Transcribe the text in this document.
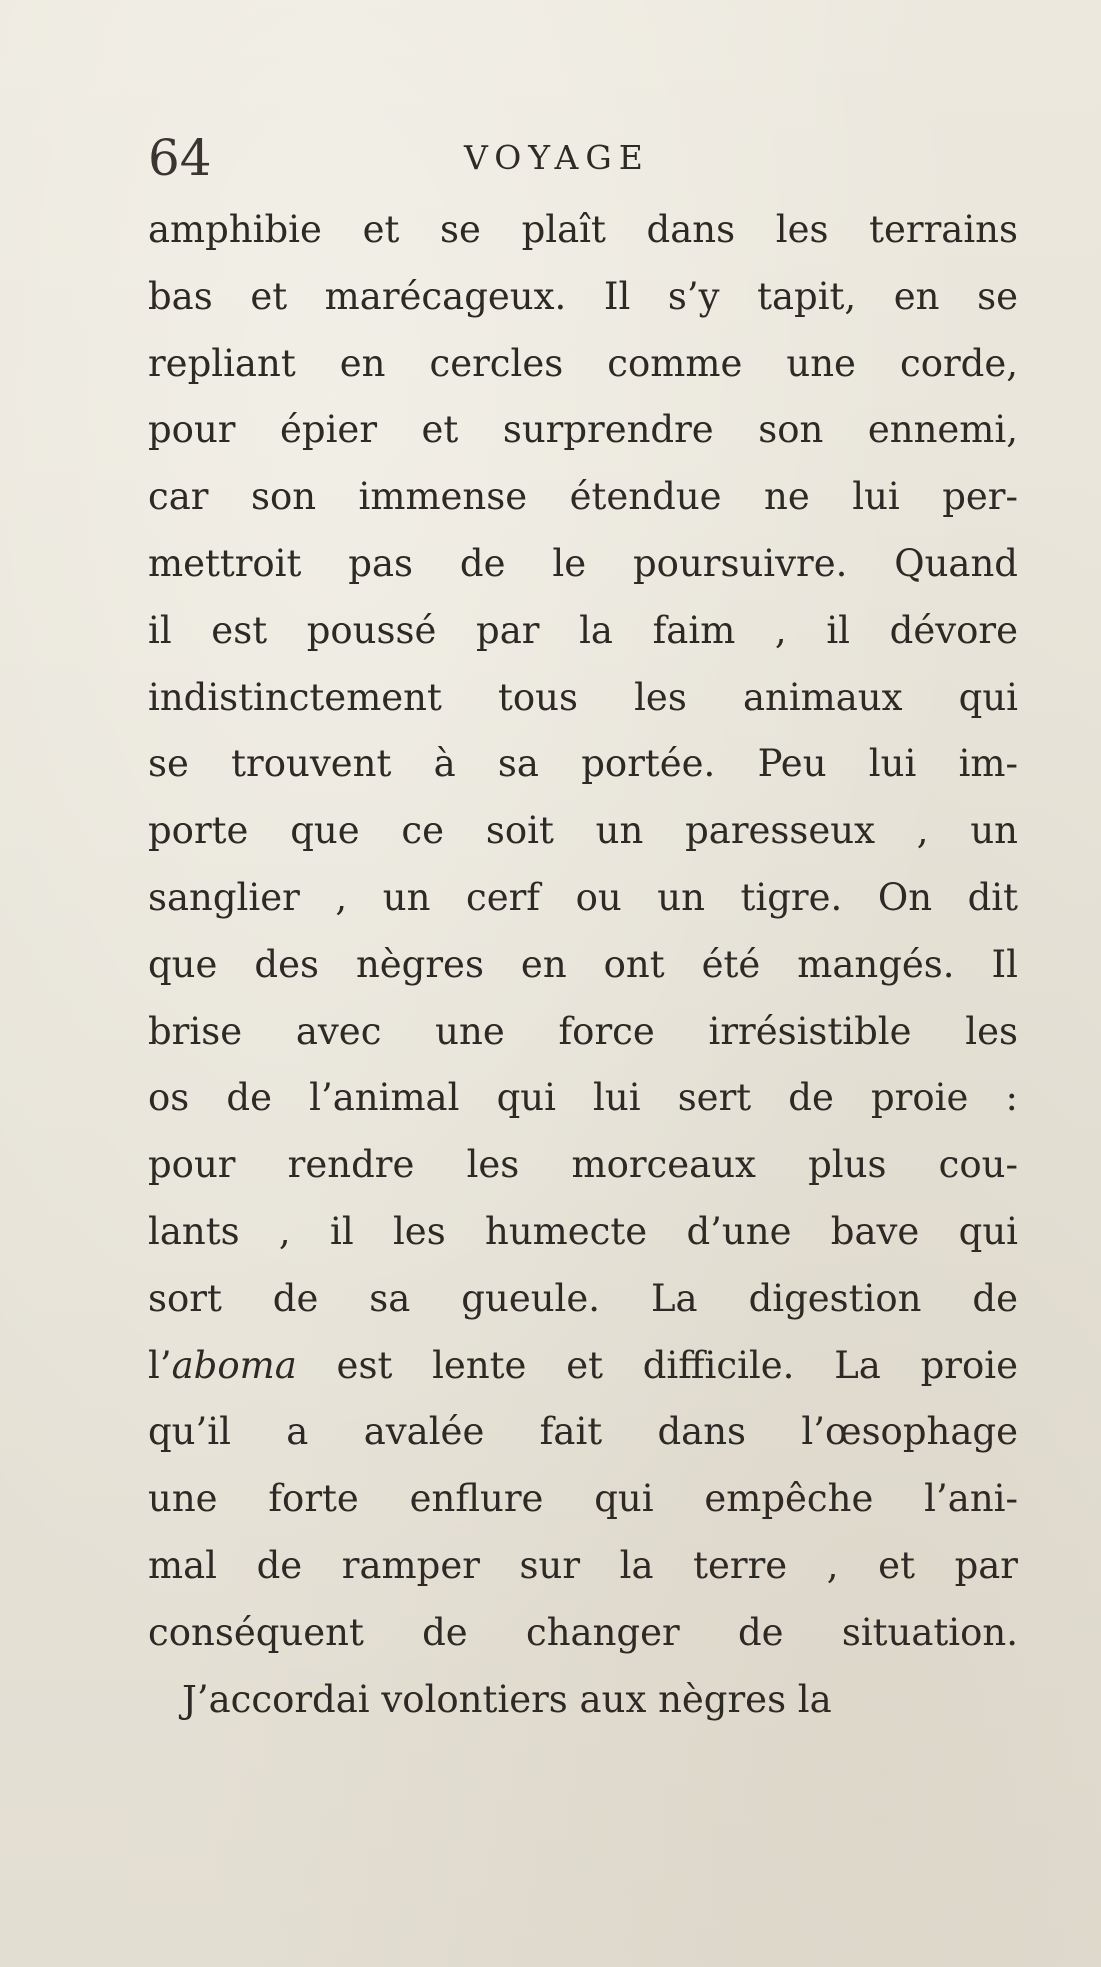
64	VOYAGE
amphibie et se plaît dans les terrains
bas et marécageux. Il s’y tapit, en se
repliant en cercles comme une corde,
pour épier et surprendre son ennemi,
car son immense étendue ne lui per-
mettroit pas de le poursuivre. Quand
il est poussé par la faim , il dévore
indistinctement tous les animaux qui
se trouvent à sa portée. Peu lui im-
porte que ce soit un paresseux , un
sanglier , un cerf ou un tigre. On dit
que des nègres en ont été mangés. Il
brise avec une force irrésistible les
os de l’animal qui lui sert de proie :
pour rendre les morceaux plus cou-
lants , il les humecte d’une bave qui
sort de sa gueule. La digestion de
l’aboma est lente et difficile. La proie
qu’il a avalée fait dans l’œsophage
une forte enflure qui empêche l’ani-
mal de ramper sur la terre , et par
conséquent de changer de situation.
J’accordai volontiers aux nègres la
